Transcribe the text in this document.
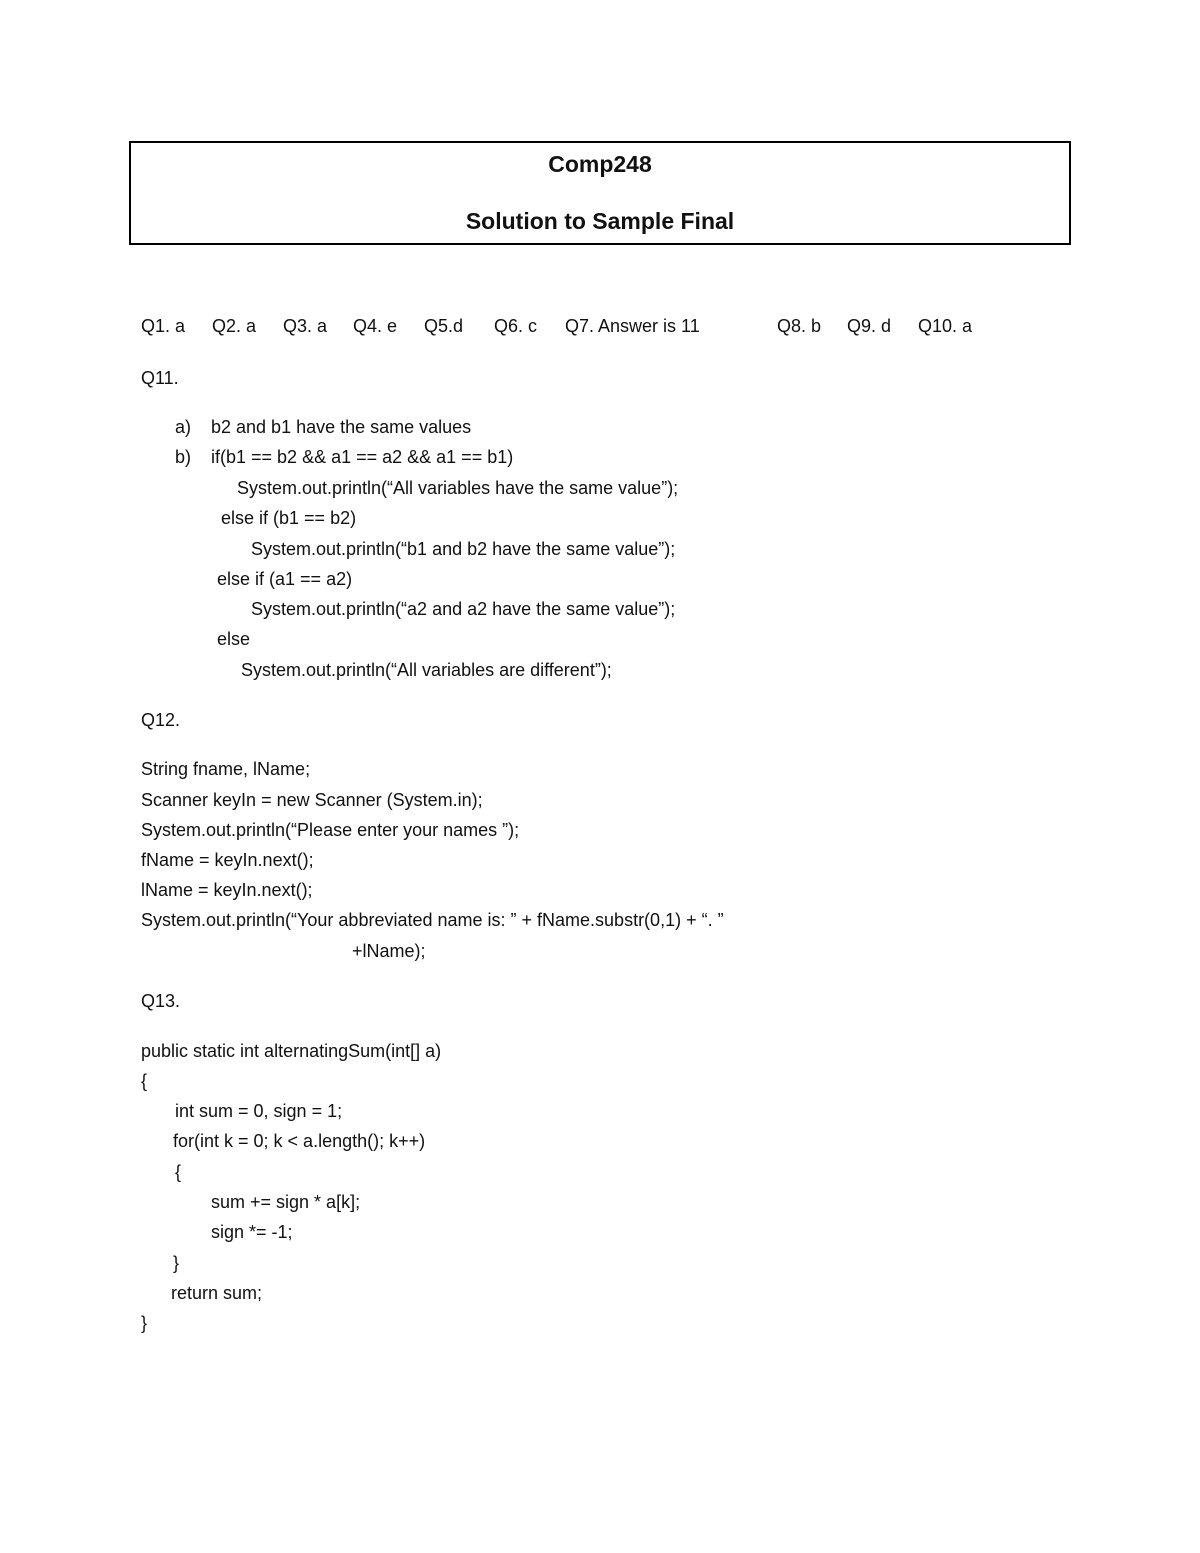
Comp248
Solution to Sample Final
Q1. a Q2. a Q3. a Q4. e Q5.d Q6. c Q7. Answer is 11	Q8. b Q9. d Q10. a
Q11.
a) b2 and b1 have the same values
b) if(b1 == b2 && a1 == a2 && a1 == b1)
System.out.println(“All variables have the same value”);
else if (b1 == b2)
System.out.println(“b1 and b2 have the same value”);
else if (a1 == a2)
System.out.println(“a2 and a2 have the same value”);
else
System.out.println(“All variables are different”);
Q12.
String fname, lName;
Scanner keyIn = new Scanner (System.in);
System.out.println(“Please enter your names ”);
fName = keyIn.next();
lName = keyIn.next();
System.out.println(“Your abbreviated name is: ” + fName.substr(0,1) + “. ”
+lName);
Q13.
public static int alternatingSum(int[] a)
{
int sum = 0, sign = 1;
for(int k = 0; k < a.length(); k++)
{
sum += sign * a[k];
sign *= -1;
}
return sum;
}
